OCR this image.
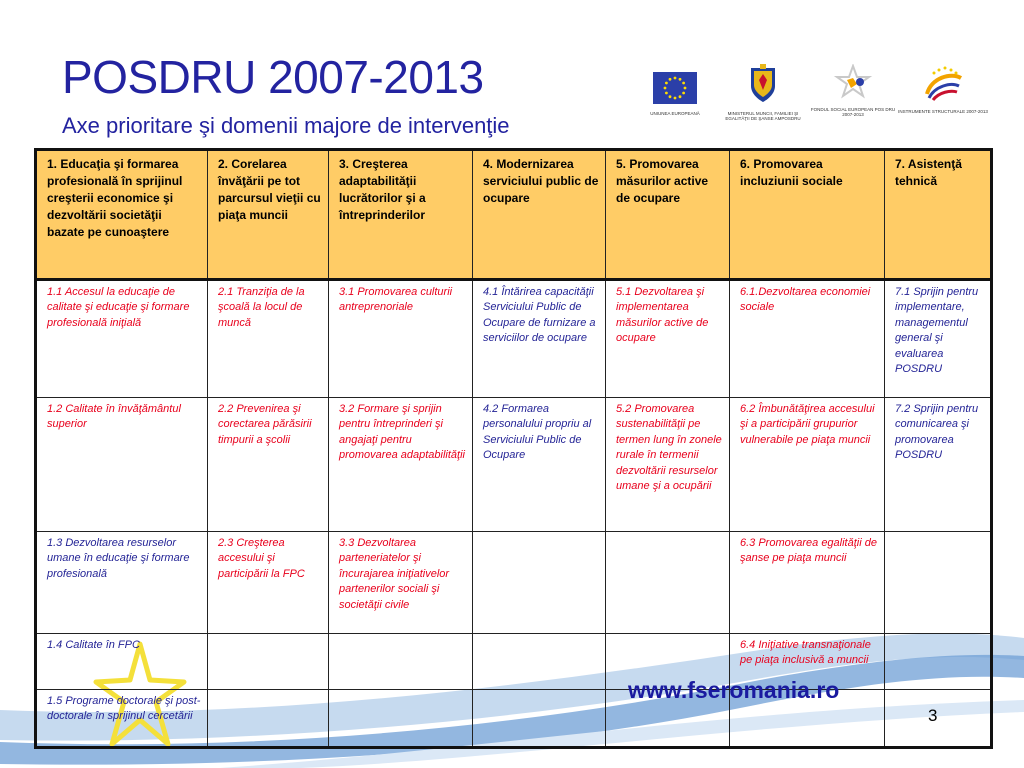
POSDRU 2007-2013
Axe prioritare şi domenii majore de intervenţie	UNIUNEA EUROPEANĂ	MINISTERUL MUNCII, FAMILIEI ŞI EGALITĂŢII DE ŞANSE AMPOSDRU
FONDUL SOCIAL EUROPEAN POS DRU 2007-2013
INSTRUMENTE STRUCTURALE 2007-2013
1. Educaţia şi formarea profesională în sprijinul creşterii economice şi dezvoltării societăţii bazate pe cunoaştere	2. Corelarea învăţării pe tot parcursul vieţii cu piaţa muncii	3. Creşterea adaptabilităţii lucrătorilor şi a întreprinderilor	4. Modernizarea serviciului public de ocupare	5. Promovarea măsurilor active de ocupare	6. Promovarea incluziunii sociale	7. Asistenţă tehnică
1.1 Accesul la educaţie de calitate şi educaţie şi formare profesională iniţială	2.1 Tranziţia de la şcoală la locul de muncă	3.1 Promovarea culturii antreprenoriale	4.1 Întărirea capacităţii Serviciului Public de Ocupare de furnizare a serviciilor de ocupare	5.1 Dezvoltarea şi implementarea măsurilor active de ocupare	6.1.Dezvoltarea economiei sociale	7.1 Sprijin pentru implementare, managementul general şi evaluarea POSDRU
1.2 Calitate în învăţământul superior	2.2 Prevenirea şi corectarea părăsirii timpurii a şcolii	3.2 Formare şi sprijin pentru întreprinderi şi angajaţi pentru promovarea adaptabilităţii	4.2 Formarea personalului propriu al Serviciului Public de Ocupare	5.2 Promovarea sustenabilităţii pe termen lung în zonele rurale în termenii dezvoltării resurselor umane şi a ocupării	6.2 Îmbunătăţirea accesului şi a participării grupurior vulnerabile pe piaţa muncii	7.2 Sprijin pentru comunicarea şi promovarea POSDRU
1.3 Dezvoltarea resurselor umane în educaţie şi formare profesională	2.3 Creşterea accesului şi participării la FPC	3.3 Dezvoltarea parteneriatelor şi încurajarea iniţiativelor partenerilor sociali şi societăţii civile			6.3 Promovarea egalităţii de şanse pe piaţa muncii	
1.4 Calitate în FPC					6.4 Iniţiative transnaţionale pe piaţa inclusivă a muncii	
1.5 Programe doctorale şi post-doctorale în sprijinul cercetării						
www.fseromania.ro
3
